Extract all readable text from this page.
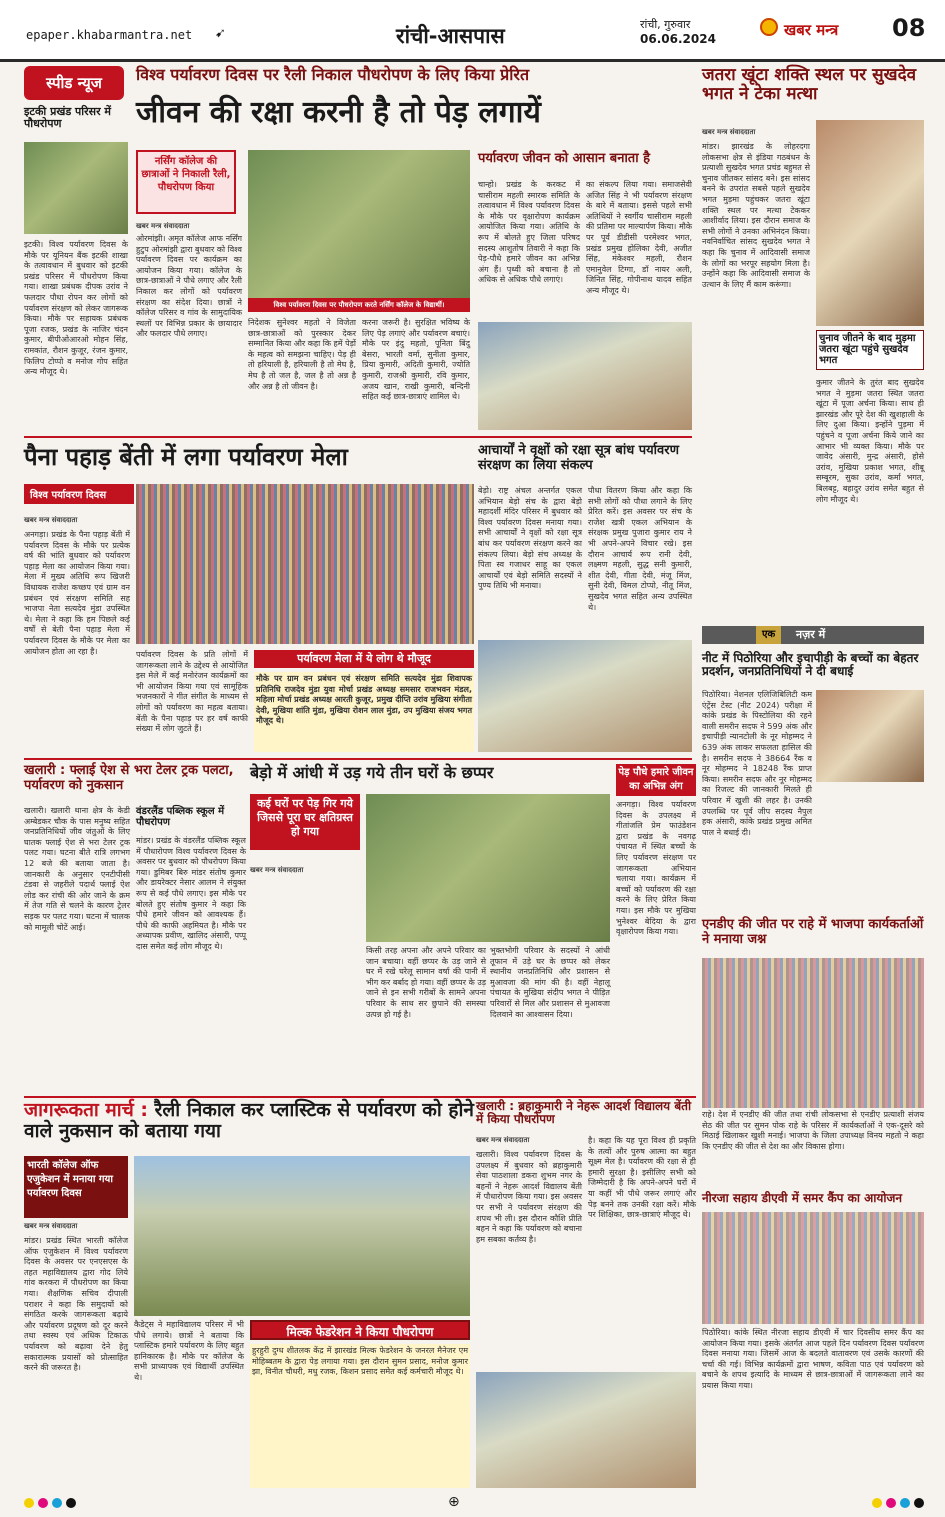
epaper.khabarmantra.net ➹	रांची-आसपास	रांची, गुरुवार
06.06.2024	खबर मन्त्र 08
स्पीड न्यूज
इटकी प्रखंड परिसर में पौधरोपण
इटकी। विश्व पर्यावरण दिवस के मौके पर यूनियन बैंक इटकी शाखा के तत्वावधान में बुधवार को इटकी प्रखंड परिसर में पौधरोपण किया गया। शाखा प्रबंधक दीपक उरांव ने फलदार पौधा रोपन कर लोगों को पर्यावरण संरक्षण को लेकर जागरूक किया। मौके पर सहायक प्रबंधक पूजा रजक, प्रखंड के नाजिर चंदन कुमार, बीपीओआरओ मोहन सिंह, रामकांत, रौशन कुजूर, रंजन कुमार, फिलिप टोप्पो व मनोज गोप सहित अन्य मौजूद थे।
विश्व पर्यावरण दिवस पर रैली निकाल पौधरोपण के लिए किया प्रेरित
जीवन की रक्षा करनी है तो पेड़ लगायें
नर्सिंग कॉलेज की छात्राओं ने निकाली रैली, पौधरोपण किया
खबर मन्त्र संवाददाता
ओरमांझी। अमृत कॉलेज आफ नर्सिंग हुटुप ओरमांझी द्वारा बुधवार को विश्व पर्यावरण दिवस पर कार्यक्रम का आयोजन किया गया। कॉलेज के छात्र-छात्राओं ने पौधे लगाए और रैली निकाल कर लोगों को पर्यावरण संरक्षण का संदेश दिया। छात्रों ने कॉलेज परिसर व गांव के सामुदायिक स्थलों पर विभिन्न प्रकार के छायादार और फलदार पौधे लगाए।
विश्व पर्यावरण दिवस पर पौधरोपण करते नर्सिंग कॉलेज के विद्यार्थी।
निदेशक सुनेश्वर महतो ने विजेता छात्र-छात्राओं को पुरस्कार देकर सम्मानित किया और कहा कि हमें पेड़ों के महत्व को समझना चाहिए। पेड़ ही तो हरियाली है, हरियाली है तो मेघ है, मेघ है तो जल है, जल है तो अन्न है और अन्न है तो जीवन है।
करना जरूरी है। सुरक्षित भविष्य के लिए पेड़ लगाएं और पर्यावरण बचाएं। मौके पर इंदु महतो, पूनिता बिंदु बेसरा, भारती वर्मा, सुनीता कुमार, प्रिया कुमारी, अदिती कुमारी, ज्योति कुमारी, राजश्री कुमारी, रवि कुमार, अजय खान, राखी कुमारी, बन्दिनी सहित कई छात्र-छात्राएं शामिल थे।
पर्यावरण जीवन को आसान बनाता है
चान्हो। प्रखंड के करकट में चासीराम महली स्मारक समिति के तत्वावधान में विश्व पर्यावरण दिवस के मौके पर वृक्षारोपण कार्यक्रम आयोजित किया गया। अतिथि के रूप में बोलते हुए जिला परिषद सदस्य आशुतोष तिवारी ने कहा कि पेड़-पौधे हमारे जीवन का अभिन्न अंग हैं। पृथ्वी को बचाना है तो अधिक से अधिक पौधे लगाएं।
का संकल्प लिया गया। समाजसेवी अजित सिंह ने भी पर्यावरण संरक्षण के बारे में बताया। इससे पहले सभी अतिथियों ने स्वर्गीय चासीराम महली की प्रतिमा पर माल्यार्पण किया। मौके पर पूर्व डीडीसी परमेश्वर भगत, प्रखंड प्रमुख होलिका देवी, अजीत सिंह, मंकेश्वर महली, रौशन एमानुवेल टिग्गा, डॉ नायर अली, जिनित सिंह, गोपीनाथ यादव सहित अन्य मौजूद थे।
जतरा खूंटा शक्ति स्थल पर सुखदेव भगत ने टेका मत्था
खबर मन्त्र संवाददाता
मांडर। झारखंड के लोहरदगा लोकसभा क्षेत्र से इंडिया गठबंधन के प्रत्याशी सुखदेव भगत प्रचंड बहुमत से चुनाव जीतकर सांसद बने। इस सांसद बनने के उपरांत सबसे पहले सुखदेव भगत मुड़मा पहुंचकर जतरा खूंटा शक्ति स्थल पर मत्था टेककर आशीर्वाद लिया। इस दौरान समाज के सभी लोगों ने उनका अभिनंदन किया। नवनिर्वाचित सांसद सुखदेव भगत ने कहा कि चुनाव में आदिवासी समाज के लोगों का भरपूर सहयोग मिला है। उन्होंने कहा कि आदिवासी समाज के उत्थान के लिए मैं काम करूंगा।
चुनाव जीतने के बाद मुड़मा जतरा खूंटा पहुंचे सुखदेव भगत
कुमार जीतने के तुरंत बाद सुखदेव भगत ने मुड़मा जतरा स्थित जतरा खूंटा में पूजा अर्चना किया। साथ ही झारखंड और पूरे देश की खुशहाली के लिए दुआ किया। इन्होंने पुड़मा में पहुंचने व पूजा अर्चना किये जाने का आभार भी व्यक्त किया। मौके पर जावेद अंसारी, मुन्द्र अंसारी, होसे उरांव, मुखिया प्रकाश भगत, शीबू सम्बूरम, सुका उरांव, कर्मा भगत, बिलबट्ट, बहादुर उरांव समेत बहुत से लोग मौजूद थे।
पैना पहाड़ बेंती में लगा पर्यावरण मेला
विश्व पर्यावरण दिवस
खबर मन्त्र संवाददाता
अनगड़ा। प्रखंड के पैना पहाड़ बेंती में पर्यावरण दिवस के मौके पर प्रत्येक वर्ष की भांति बुधवार को पर्यावरण पहाड़ मेला का आयोजन किया गया। मेला में मुख्य अतिथि रूप खिजरी विधायक राजेश कच्छप एवं ग्राम वन प्रबंधन एवं संरक्षण समिति सह भाजपा नेता सत्यदेव मुंडा उपस्थित थे। मेला ने कहा कि हम पिछले कई वर्षों से बेती पैना पहाड़ मेला में पर्यावरण दिवस के मौके पर मेला का आयोजन होता आ रहा है।	पर्यावरण दिवस के प्रति लोगों में जागरूकता लाने के उद्देश्य से आयोजित इस मेले में कई मनोरंजन कार्यक्रमों का भी आयोजन किया गया एवं सामूहिक भजनकारों ने गीत संगीत के माध्यम से लोगों को पर्यावरण का महत्व बताया। बेंती के पैना पहाड़ पर हर वर्ष काफी संख्या में लोग जुटते हैं।
पर्यावरण मेला में ये लोग थे मौजूद
मौके पर ग्राम वन प्रबंधन एवं संरक्षण समिति सत्यदेव मुंडा शिवापक प्रतिनिधि राजदेव मुंडा युवा मोर्चा प्रखंड अध्यक्ष समसार राजभवन मंडल, महिला मोर्चा प्रखंड अध्यक्ष आरती कुजूर, प्रमुख दीप्ति उरांव मुखिया संगीता देवी, मुखिया शांति मुंडा, मुखिया रोशन लाल मुंडा, उप मुखिया संजय भगत मौजूद थे।
आचार्यों ने वृक्षों को रक्षा सूत्र बांध पर्यावरण संरक्षण का लिया संकल्प
बेड़ो। राष्ट्र अंचल अन्तर्गत एकल अभियान बेड़ो संच के द्वारा बेड़ो महादर्शी मंदिर परिसर में बुधवार को विश्व पर्यावरण दिवस मनाया गया। सभी आचार्यों ने वृक्षों को रक्षा सूत्र बांध कर पर्यावरण संरक्षण करने का संकल्प लिया। बेड़ो संच अध्यक्ष के पिता स्व गजाधर साहू का एकल आचार्यों एवं बेड़ो समिति सदस्यों ने पुण्य तिथि भी मनाया।
पौधा वितरण किया और कहा कि सभी लोगों को पौधा लगाने के लिए प्रेरित करें। इस अवसर पर संच के राजेश खत्री एकल अभियान के संरक्षक प्रमुख पुजारा कुमार राय ने भी अपने-अपने विचार रखे। इस दौरान आचार्य रूप रानी देवी, लक्ष्मण महली, सुद्ध सनी कुमारी, शीत देवी, गीता देवी, मंजू मिंज, सुनी देवी, विमल टोप्पो, नीतू मिंज, सुखदेव भगत सहित अन्य उपस्थित थे।
एक	नज़र में
नीट में पिठोरिया और इचापीड़ी के बच्चों का बेहतर प्रदर्शन, जनप्रतिनिधियों ने दी बधाई
पिठोरिया। नेशनल एलिजिबिलिटी कम एंट्रेंस टेस्ट (नीट 2024) परीक्षा में कांके प्रखंड के पिस्टोलिया की रहने वाली समरीन सदफ ने 599 अंक और इचापीड़ी न्यानटोली के नूर मोहम्मद ने 639 अंक लाकर सफलता हासिल की है। समरीन सदफ ने 38664 रैंक व नूर मोहम्मद ने 18248 रैंक प्राप्त किया। समरीन सदफ और नूर मोहम्मद का रिजल्ट की जानकारी मिलते ही परिवार में खुशी की लहर है। उनकी उपलब्धि पर पूर्व जीप सदस्य नैपुल हक अंसारी, कांके प्रखंड प्रमुख अमित पाल ने बधाई दी।
एनडीए की जीत पर राहे में भाजपा कार्यकर्ताओं ने मनाया जश्न
राहे। देश में एनडीए की जीत तथा रांची लोकसभा से एनडीए प्रत्याशी संजय सेठ की जीत पर सुमन पोक राहे के परिसर में कार्यकर्ताओं ने एक-दूसरे को मिठाई खिलाकर खुशी मनाई। भाजपा के जिला उपाध्यक्ष विनय महतो ने कहा कि एनडीए की जीत से देश का और विकास होगा।
खलारी : फ्लाई ऐश से भरा टेलर ट्रक पलटा, पर्यावरण को नुकसान
खलारी। खलारी थाना क्षेत्र के केडी अम्बेडकर चौक के पास मनुष्य सहित जनप्रतिनिधियों जीव जंतुओं के लिए घातक फ्लाई ऐश से भरा टेलर ट्रक पलट गया। घटना बीते रात्रि लगभग 12 बजे की बताया जाता है। जानकारी के अनुसार एनटीपीसी टंडवा से जहरीले पदार्थ फ्लाई ऐश लोड कर रांची की ओर जाने के क्रम में तेज गति से चलने के कारण ट्रेलर सड़क पर पलट गया। घटना में चालक को मामूली चोटें आई।
वंडरलैंड पब्लिक स्कूल में पौधरोपण
मांडर। प्रखंड के वंडरलैंड पब्लिक स्कूल में पौधारोपण विश्व पर्यावरण दिवस के अवसर पर बुधवार को पौधरोपण किया गया। डुमिबर बिरु मांडर संतोष कुमार और डायरेक्टर नेसार आलम ने संयुक्त रूप से कई पौधे लगाए। इस मौके पर बोलते हुए संतोष कुमार ने कहा कि पौधे हमारे जीवन को आवश्यक हैं। पौधे की काफी अहमियत है। मौके पर अध्यापक प्रवीण, खालिद अंसारी, पप्पू दास समेत कई लोग मौजूद थे।
बेड़ो में आंधी में उड़ गये तीन घरों के छप्पर
कई घरों पर पेड़ गिर गये जिससे पूरा घर क्षतिग्रस्त हो गया
खबर मन्त्र संवाददाता
किसी तरह अपना और अपने परिवार का जान बचाया। वहीं छप्पर के उड़ जाने से घर में रखे घरेलू सामान वर्षा की पानी में भीग कर बर्बाद हो गया। वहीं छप्पर के उड़ जाने से इन सभी गरीबों के सामने अपना परिवार के साथ सर छुपाने की समस्या उत्पन्न हो गई है।
भुक्तभोगी परिवार के सदस्यों ने आंधी तूफान में उड़े घर के छप्पर को लेकर स्थानीय जनप्रतिनिधि और प्रशासन से मुआवजा की मांग की है। वहीं नेहालू पंचायत के मुखिया संदीप भगत ने पीड़ित परिवारों से मिल और प्रशासन से मुआवजा दिलवाने का आश्वासन दिया।
पेड़ पौधे हमारे जीवन का अभिन्न अंग
अनगड़ा। विश्व पर्यावरण दिवस के उपलक्ष्य में गीतांजलि प्रेम फाउंडेशन द्वारा प्रखंड के नवगढ़ पंचायत में स्थित बच्चों के लिए पर्यावरण संरक्षण पर जागरूकता अभियान चलाया गया। कार्यक्रम में बच्चों को पर्यावरण की रक्षा करने के लिए प्रेरित किया गया। इस मौके पर मुखिया भुनेश्वर बेदिया के द्वारा वृक्षारोपण किया गया।
जागरूकता मार्च : रैली निकाल कर प्लास्टिक से पर्यावरण को होने वाले नुकसान को बताया गया
भारती कॉलेज ऑफ एजुकेशन में मनाया गया पर्यावरण दिवस
खबर मन्त्र संवाददाता
मांडर। प्रखंड स्थित भारती कॉलेज ऑफ एजुकेशन में विश्व पर्यावरण दिवस के अवसर पर एनएसएस के तहत महाविद्यालय द्वारा गोद लिये गांव करकरा में पौधरोपण का किया गया। शैक्षणिक सचिव दीपाली पराशर ने कहा कि समुदायों को संगठित करके जागरूकता बढ़ाये और पर्यावरण प्रदूषण को दूर करने तथा स्वस्थ एवं अधिक टिकाऊ पर्यावरण को बढ़ावा देने हेतु सकारात्मक प्रयासों को प्रोत्साहित करने की जरूरत है।
कैडेट्स ने महाविद्यालय परिसर में भी पौधे लगाये। छात्रों ने बताया कि प्लास्टिक हमारे पर्यावरण के लिए बहुत हानिकारक है। मौके पर कॉलेज के सभी प्राध्यापक एवं विद्यार्थी उपस्थित थे।
मिल्क फेडरेशन ने किया पौधरोपण
हुरहुरी दुग्ध शीतलक केंद्र में झारखंड मिल्क फेडरेशन के जनरल मैनेजर एम मोहिब्बतम के द्वारा पेड़ लगाया गया। इस दौरान सुमन प्रसाद, मनोज कुमार झा, विनीत चौधरी, मधु रजक, किशन प्रसाद समेत कई कर्मचारी मौजूद थे।
खलारी : ब्रहाकुमारी ने नेहरू आदर्श विद्यालय बेंती में किया पौधरोपण
खबर मन्त्र संवाददाता
खलारी। विश्व पर्यावरण दिवस के उपलक्ष्य में बुधवार को ब्रहाकुमारी सेवा पाठशाला डकरा शुभम नगर के बहनों ने नेहरू आदर्श विद्यालय बेंती में पौधारोपण किया गया। इस अवसर पर सभी ने पर्यावरण संरक्षण की शपथ भी ली। इस दौरान कौशि प्रीति बहन ने कहा कि पर्यावरण को बचाना हम सबका कर्तव्य है।
है। कहा कि यह पूरा विश्व ही प्रकृति के तत्वों और पुरुष आत्मा का बहुत सूक्ष्म मेल है। पर्यावरण की रक्षा से ही हमारी सुरक्षा है। इसीलिए सभी को जिम्मेदारी है कि अपने-अपने घरों में या कहीं भी पौधे जरूर लगाएं और पेड़ बनने तक उनकी रक्षा करें। मौके पर शिक्षिका, छात्र-छात्राएं मौजूद थे।
नीरजा सहाय डीएवी में समर कैंप का आयोजन
पिठोरिया। कांके स्थित नीरजा सहाय डीएवी में चार दिवसीय समर कैंप का आयोजन किया गया। इसके अंतर्गत आज पहले दिन पर्यावरण दिवस पर्यावरण दिवस मनाया गया। जिसमें आज के बदलते वातावरण एवं उसके कारणों की चर्चा की गई। विभिन्न कार्यक्रमों द्वारा भाषण, कविता पाठ एवं पर्यावरण को बचाने के शपथ इत्यादि के माध्यम से छात्र-छात्राओं में जागरूकता लाने का प्रयास किया गया।
⊕
